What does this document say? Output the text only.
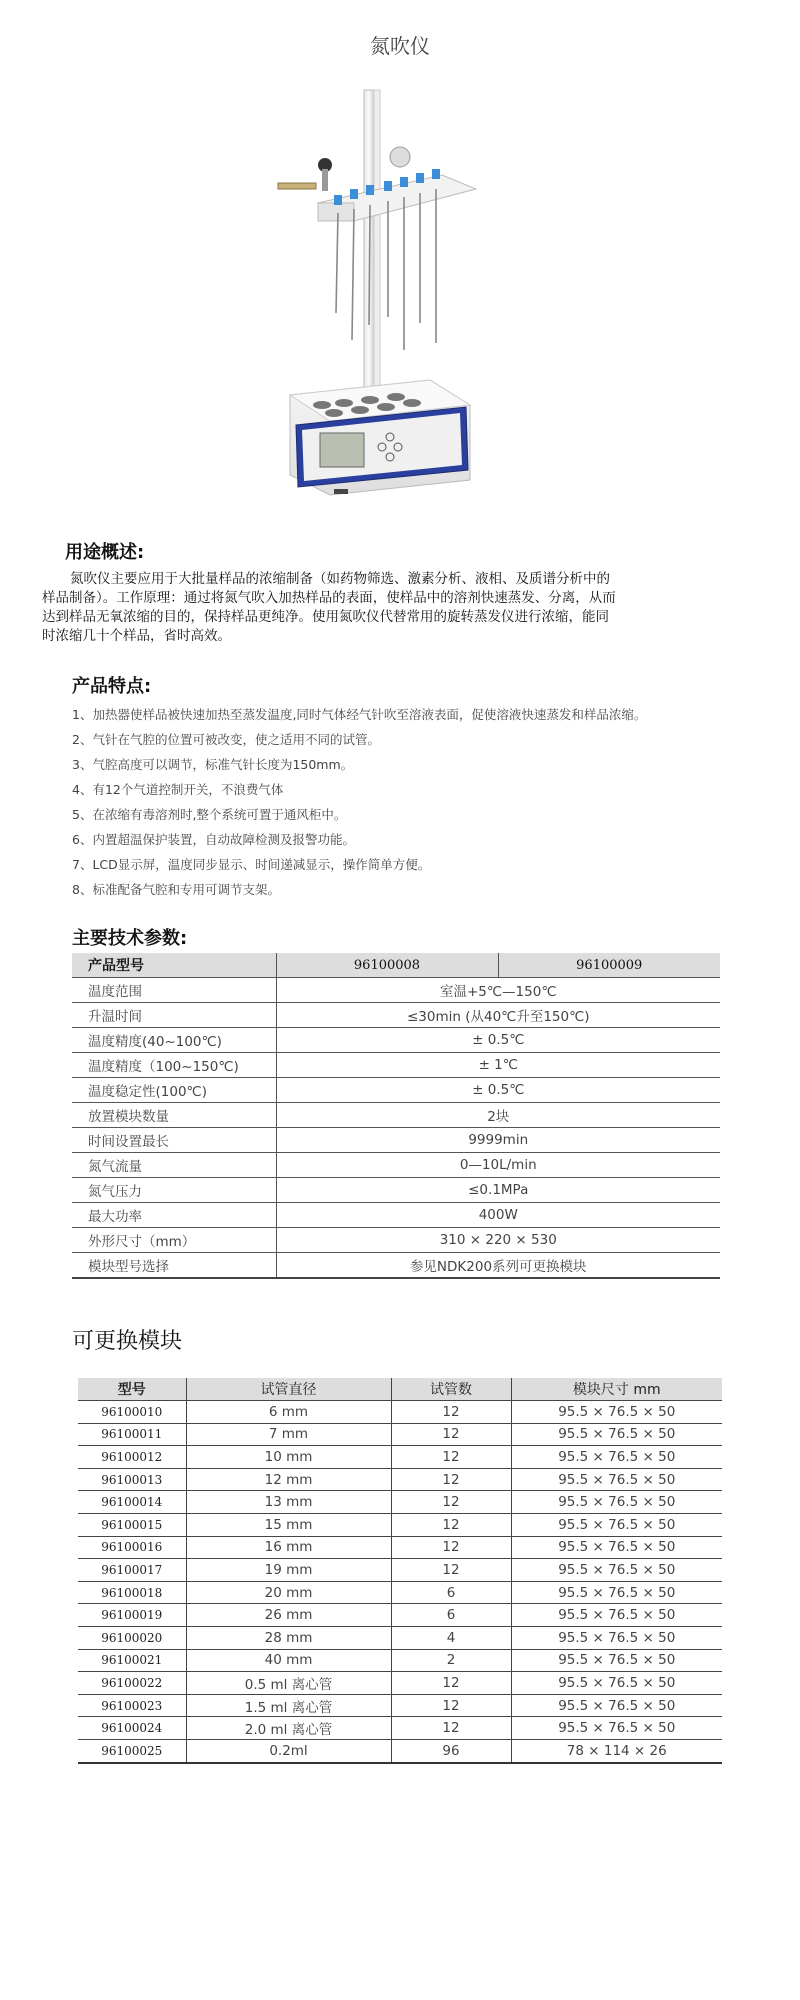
氮吹仪
用途概述:

氮吹仪主要应用于大批量样品的浓缩制备（如药物筛选、激素分析、液相、及质谱分析中的样品制备）。工作原理：通过将氮气吹入加热样品的表面，使样品中的溶剂快速蒸发、分离，从而达到样品无氧浓缩的目的，保持样品更纯净。使用氮吹仪代替常用的旋转蒸发仪进行浓缩，能同时浓缩几十个样品，省时高效。

产品特点:
1、加热器使样品被快速加热至蒸发温度,同时气体经气针吹至溶液表面，促使溶液快速蒸发和样品浓缩。
2、气针在气腔的位置可被改变，使之适用不同的试管。
3、气腔高度可以调节，标准气针长度为150mm。
4、有12个气道控制开关，不浪费气体
5、在浓缩有毒溶剂时,整个系统可置于通风柜中。
6、内置超温保护装置，自动故障检测及报警功能。
7、LCD显示屏，温度同步显示、时间递减显示，操作简单方便。
8、标准配备气腔和专用可调节支架。
主要技术参数:
产品型号	96100008	96100009
温度范围	室温+5℃—150℃	
升温时间	≤30min (从40℃升至150℃)	
温度精度(40~100℃)	± 0.5℃	
温度精度（100~150℃)	± 1℃	
温度稳定性(100℃)	± 0.5℃	
放置模块数量	2块	
时间设置最长	9999min	
氮气流量	0—10L/min	
氮气压力	≤0.1MPa	
最大功率	400W	
外形尺寸（mm）	310 × 220 × 530	
模块型号选择	参见NDK200系列可更换模块	
可更换模块
型号	试管直径	试管数	模块尺寸 mm
96100010	6 mm	12	95.5 × 76.5 × 50
96100011	7 mm	12	95.5 × 76.5 × 50
96100012	10 mm	12	95.5 × 76.5 × 50
96100013	12 mm	12	95.5 × 76.5 × 50
96100014	13 mm	12	95.5 × 76.5 × 50
96100015	15 mm	12	95.5 × 76.5 × 50
96100016	16 mm	12	95.5 × 76.5 × 50
96100017	19 mm	12	95.5 × 76.5 × 50
96100018	20 mm	6	95.5 × 76.5 × 50
96100019	26 mm	6	95.5 × 76.5 × 50
96100020	28 mm	4	95.5 × 76.5 × 50
96100021	40 mm	2	95.5 × 76.5 × 50
96100022	0.5 ml 离心管	12	95.5 × 76.5 × 50
96100023	1.5 ml 离心管	12	95.5 × 76.5 × 50
96100024	2.0 ml 离心管	12	95.5 × 76.5 × 50
96100025	0.2ml	96	78 × 114 × 26
